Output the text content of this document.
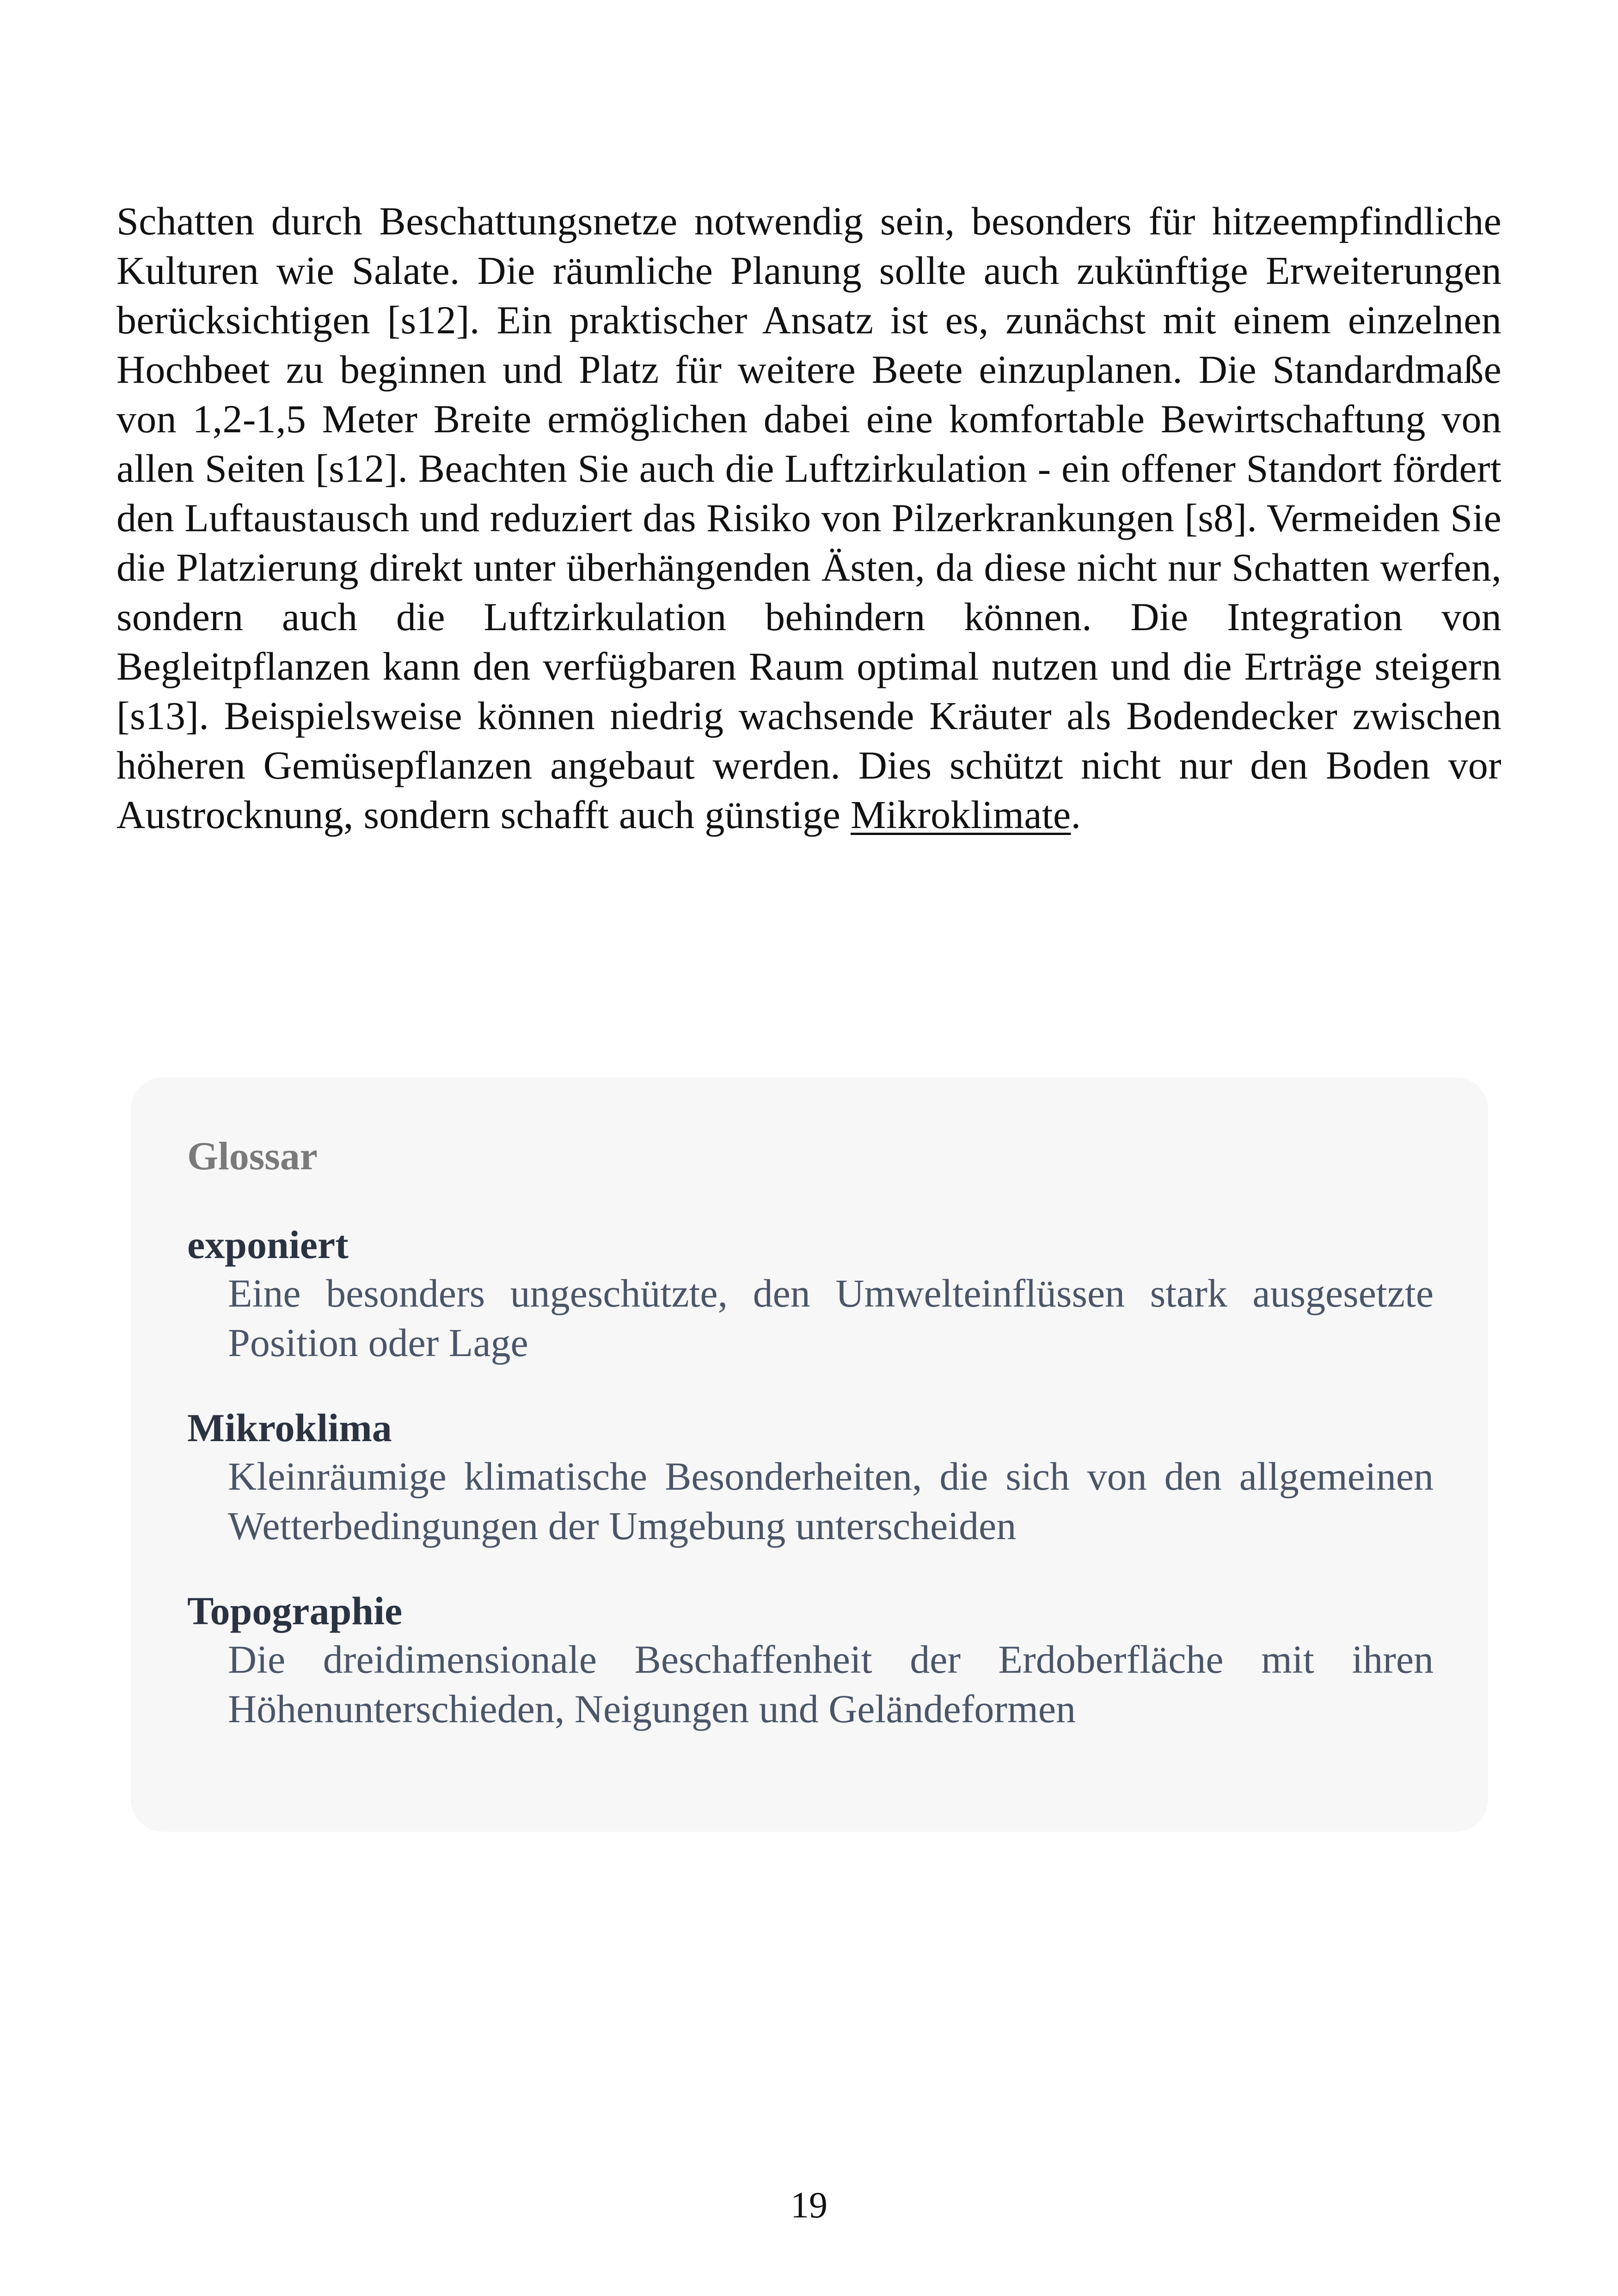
Schatten durch Beschattungsnetze notwendig sein, besonders für hitzeempfindliche Kulturen wie Salate. Die räumliche Planung sollte auch zukünftige Erweiterungen berücksichtigen [s12]. Ein praktischer Ansatz ist es, zunächst mit einem einzelnen Hochbeet zu beginnen und Platz für weitere Beete einzuplanen. Die Standardmaße von 1,2-1,5 Meter Breite ermöglichen dabei eine komfortable Bewirtschaftung von allen Seiten [s12]. Beachten Sie auch die Luftzirkulation - ein offener Standort fördert den Luftaustausch und reduziert das Risiko von Pilzerkrankungen [s8]. Vermeiden Sie die Platzierung direkt unter überhängenden Ästen, da diese nicht nur Schatten werfen, sondern auch die Luftzirkulation behindern können. Die Integration von Begleitpflanzen kann den verfügbaren Raum optimal nutzen und die Erträge steigern [s13]. Beispielsweise können niedrig wachsende Kräuter als Bodendecker zwischen höheren Gemüsepflanzen angebaut werden. Dies schützt nicht nur den Boden vor Austrocknung, sondern schafft auch günstige Mikroklimate.

Glossar
exponiert
Eine besonders ungeschützte, den Umwelteinflüssen stark ausgesetzte Position oder Lage
Mikroklima
Kleinräumige klimatische Besonderheiten, die sich von den allgemeinen Wetterbedingungen der Umgebung unterscheiden
Topographie
Die dreidimensionale Beschaffenheit der Erdoberfläche mit ihren Höhenunterschieden, Neigungen und Geländeformen
19
